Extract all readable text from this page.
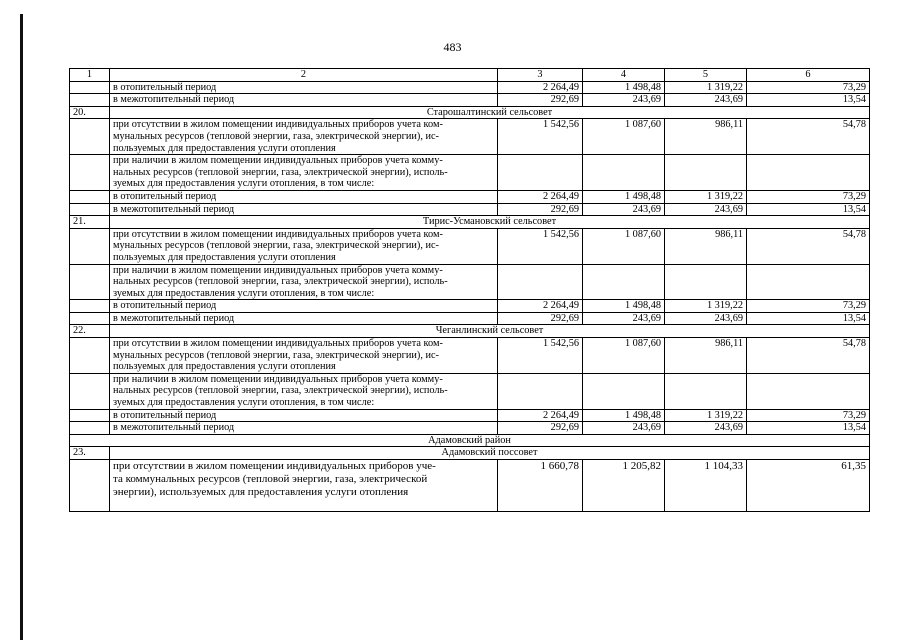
483
1	2	3	4	5	6
	в отопительный период	2 264,49	1 498,48	1 319,22	73,29
	в межотопительный период	292,69	243,69	243,69	13,54
20.	Старошалтинский сельсовет				

	при отсутствии в жилом помещении индивидуальных приборов учета ком-
мунальных ресурсов (тепловой энергии, газа, электрической энергии), ис-
пользуемых для предоставления услуги отопления	1 542,56	1 087,60	986,11	54,78

	при наличии в жилом помещении индивидуальных приборов учета комму-
нальных ресурсов (тепловой энергии, газа, электрической энергии), исполь-
зуемых для предоставления услуги отопления, в том числе:				

	в отопительный период	2 264,49	1 498,48	1 319,22	73,29
	в межотопительный период	292,69	243,69	243,69	13,54
21.	Тирис-Усмановский сельсовет				

	при отсутствии в жилом помещении индивидуальных приборов учета ком-
мунальных ресурсов (тепловой энергии, газа, электрической энергии), ис-
пользуемых для предоставления услуги отопления	1 542,56	1 087,60	986,11	54,78

	при наличии в жилом помещении индивидуальных приборов учета комму-
нальных ресурсов (тепловой энергии, газа, электрической энергии), исполь-
зуемых для предоставления услуги отопления, в том числе:				

	в отопительный период	2 264,49	1 498,48	1 319,22	73,29
	в межотопительный период	292,69	243,69	243,69	13,54
22.	Чеганлинский сельсовет				

	при отсутствии в жилом помещении индивидуальных приборов учета ком-
мунальных ресурсов (тепловой энергии, газа, электрической энергии), ис-
пользуемых для предоставления услуги отопления	1 542,56	1 087,60	986,11	54,78

	при наличии в жилом помещении индивидуальных приборов учета комму-
нальных ресурсов (тепловой энергии, газа, электрической энергии), исполь-
зуемых для предоставления услуги отопления, в том числе:				

	в отопительный период	2 264,49	1 498,48	1 319,22	73,29
	в межотопительный период	292,69	243,69	243,69	13,54
Адамовский район					
23.	Адамовский поссовет				

	при отсутствии в жилом помещении индивидуальных приборов уче-
та коммунальных ресурсов (тепловой энергии, газа, электрической
энергии), используемых для предоставления услуги отопления	1 660,78	1 205,82	1 104,33	61,35
